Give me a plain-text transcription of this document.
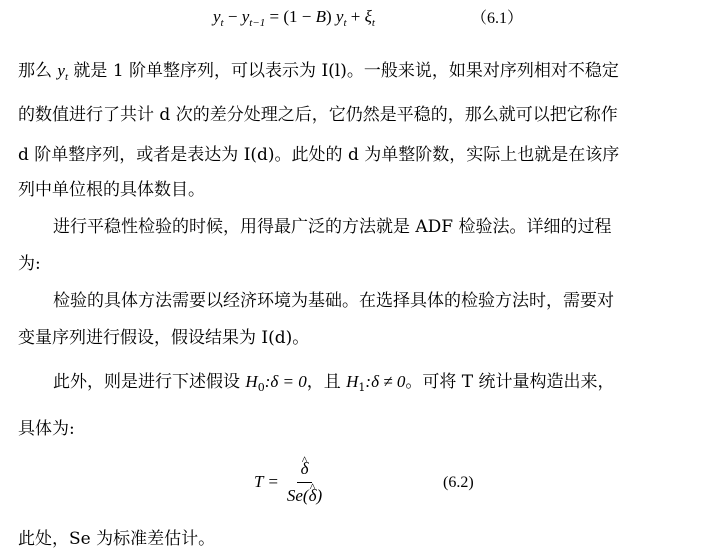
$y_t - y_{t-1} = (1 - B) y_t + \xi_t$	（6.1）
那么 $y_t$ 就是 1 阶单整序列，可以表示为 I(l)。一般来说，如果对序列相对不稳定
的数值进行了共计 d 次的差分处理之后，它仍然是平稳的，那么就可以把它称作
d 阶单整序列，或者是表达为 I(d)。此处的 d 为单整阶数，实际上也就是在该序
列中单位根的具体数目。
进行平稳性检验的时候，用得最广泛的方法就是 ADF 检验法。详细的过程
为:
检验的具体方法需要以经济环境为基础。在选择具体的检验方法时，需要对
变量序列进行假设，假设结果为 I(d)。
此外，则是进行下述假设 $H_0:\delta = 0$，且 $H_1:\delta \ne 0$。可将 T 统计量构造出来，
具体为:
T =
^ $\frac{\delta}{Se(\^{} \delta)}$	(6.2)
此处，Se 为标准差估计。
